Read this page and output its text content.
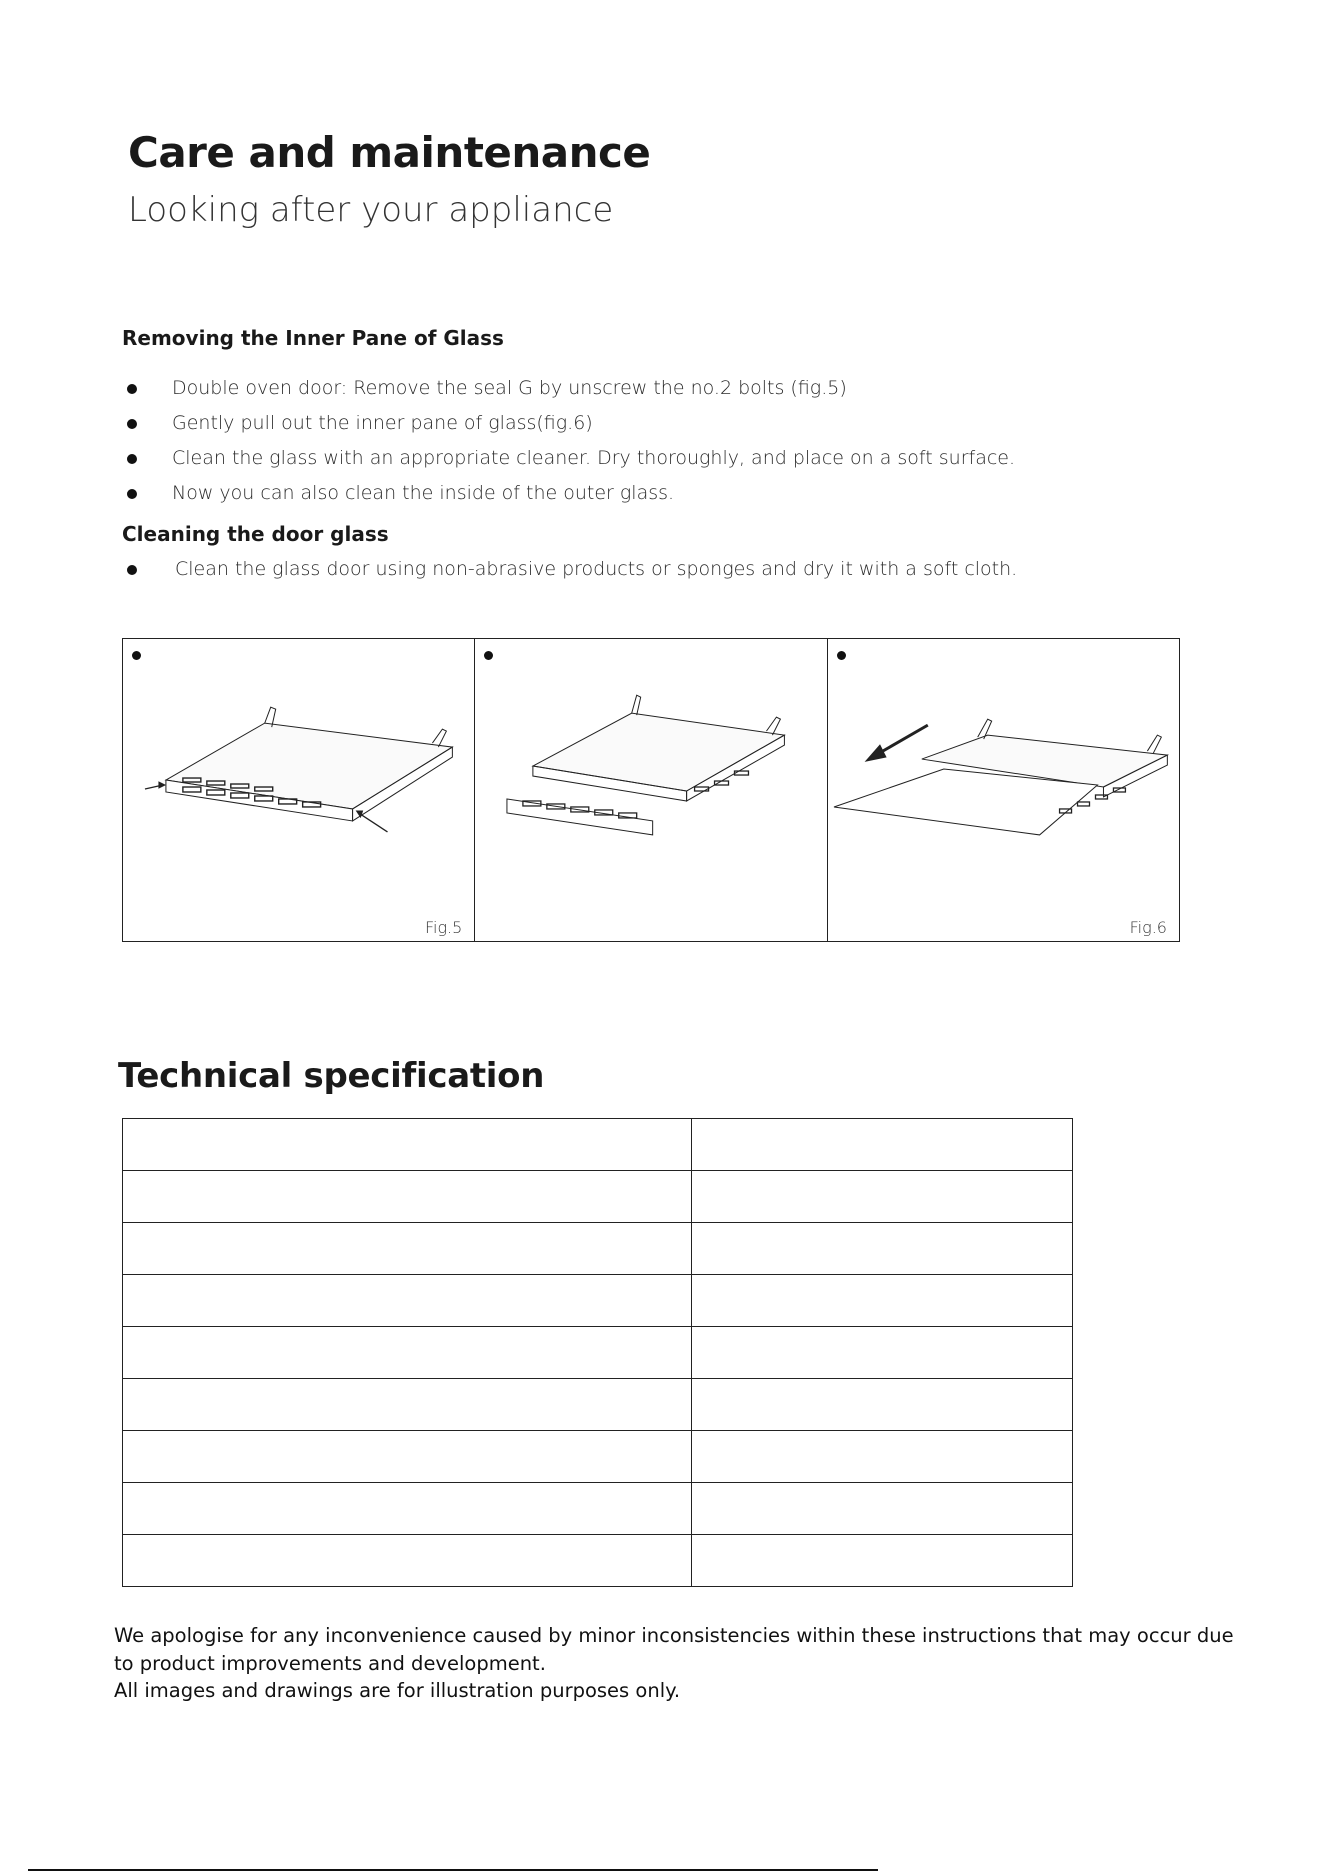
Care and maintenance
Looking after your appliance
Removing the Inner Pane of Glass
Double oven door: Remove the seal G by unscrew the no.2 bolts (fig.5)
Gently pull out the inner pane of glass(fig.6)
Clean the glass with an appropriate cleaner. Dry thoroughly, and place on a soft surface.
Now you can also clean the inside of the outer glass.
Cleaning the door glass
Clean the glass door using non-abrasive products or sponges and dry it with a soft cloth.
Fig.5	Fig.6
Technical specification

We apologise for any inconvenience caused by minor inconsistencies within these instructions that may occur due

to product improvements and development.

All images and drawings are for illustration purposes only.
